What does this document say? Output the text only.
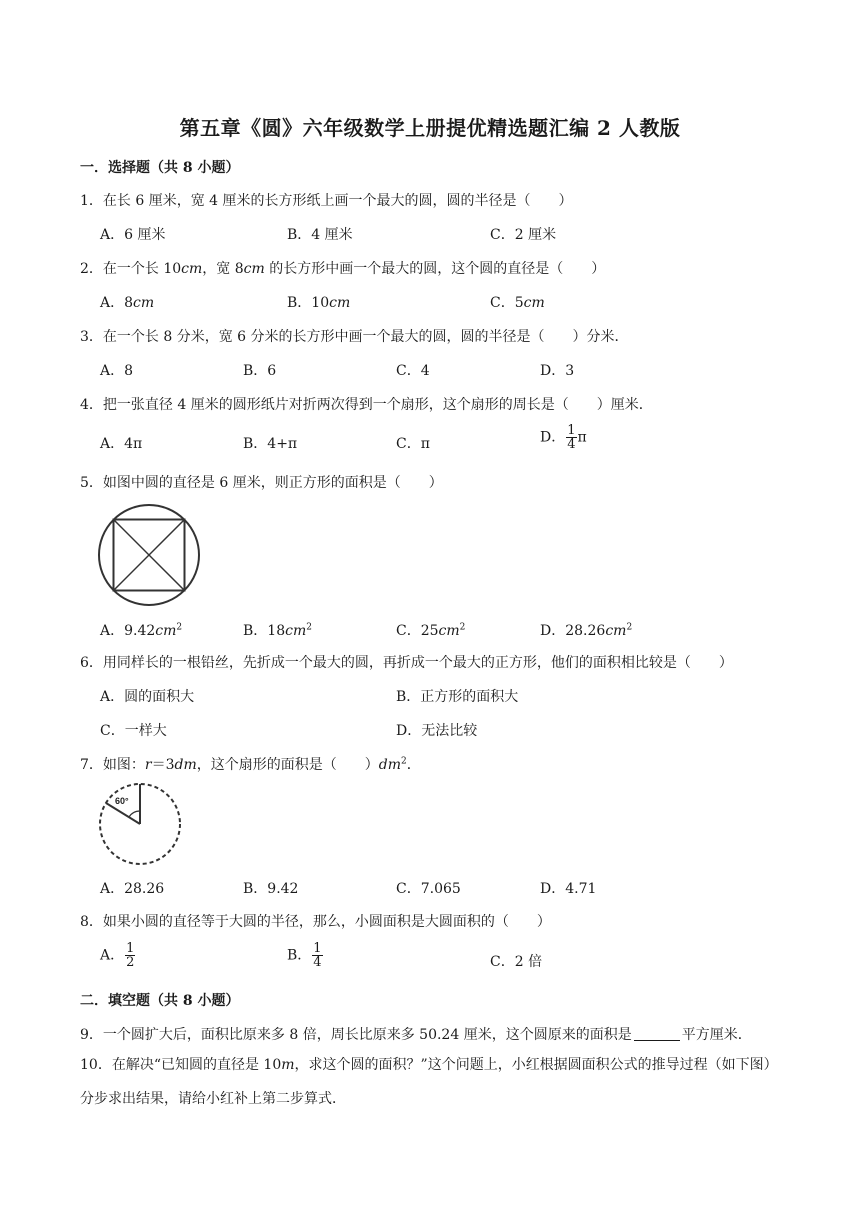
第五章《圆》六年级数学上册提优精选题汇编 2 人教版
一．选择题（共 8 小题）
1．在长 6 厘米，宽 4 厘米的长方形纸上画一个最大的圆，圆的半径是（　　）
A．6 厘米	B．4 厘米	C．2 厘米
2．在一个长 10cm，宽 8cm 的长方形中画一个最大的圆，这个圆的直径是（　　）
A．8cm	B．10cm	C．5cm
3．在一个长 8 分米，宽 6 分米的长方形中画一个最大的圆，圆的半径是（　　）分米．
A．8	B．6	C．4	D．3
4．把一张直径 4 厘米的圆形纸片对折两次得到一个扇形，这个扇形的周长是（　　）厘米．
A．4π	B．4+π	C．π	D． $\frac{1}{4}$ π
5．如图中圆的直径是 6 厘米，则正方形的面积是（　　）
A．$9.42cm^2$	B．$18cm^2$	C．$25cm^2$	D．$28.26cm^2$
6．用同样长的一根铅丝，先折成一个最大的圆，再折成一个最大的正方形，他们的面积相比较是（　　）
A．圆的面积大	B．正方形的面积大
C．一样大	D．无法比较
7．如图：r＝3dm，这个扇形的面积是（　　）$dm^2$．
60°
A．28.26	B．9.42	C．7.065	D．4.71
8．如果小圆的直径等于大圆的半径，那么，小圆面积是大圆面积的（　　）
A． $\frac{1}{2}$	B． $\frac{1}{4}$	C．2 倍
二．填空题（共 8 小题）
9．一个圆扩大后，面积比原来多 8 倍，周长比原来多 50.24 厘米，这个圆原来的面积是	平方厘米．
10．在解决“已知圆的直径是 10m，求这个圆的面积？”这个问题上，小红根据圆面积公式的推导过程（如下图）分步求出结果，请给小红补上第二步算式．
